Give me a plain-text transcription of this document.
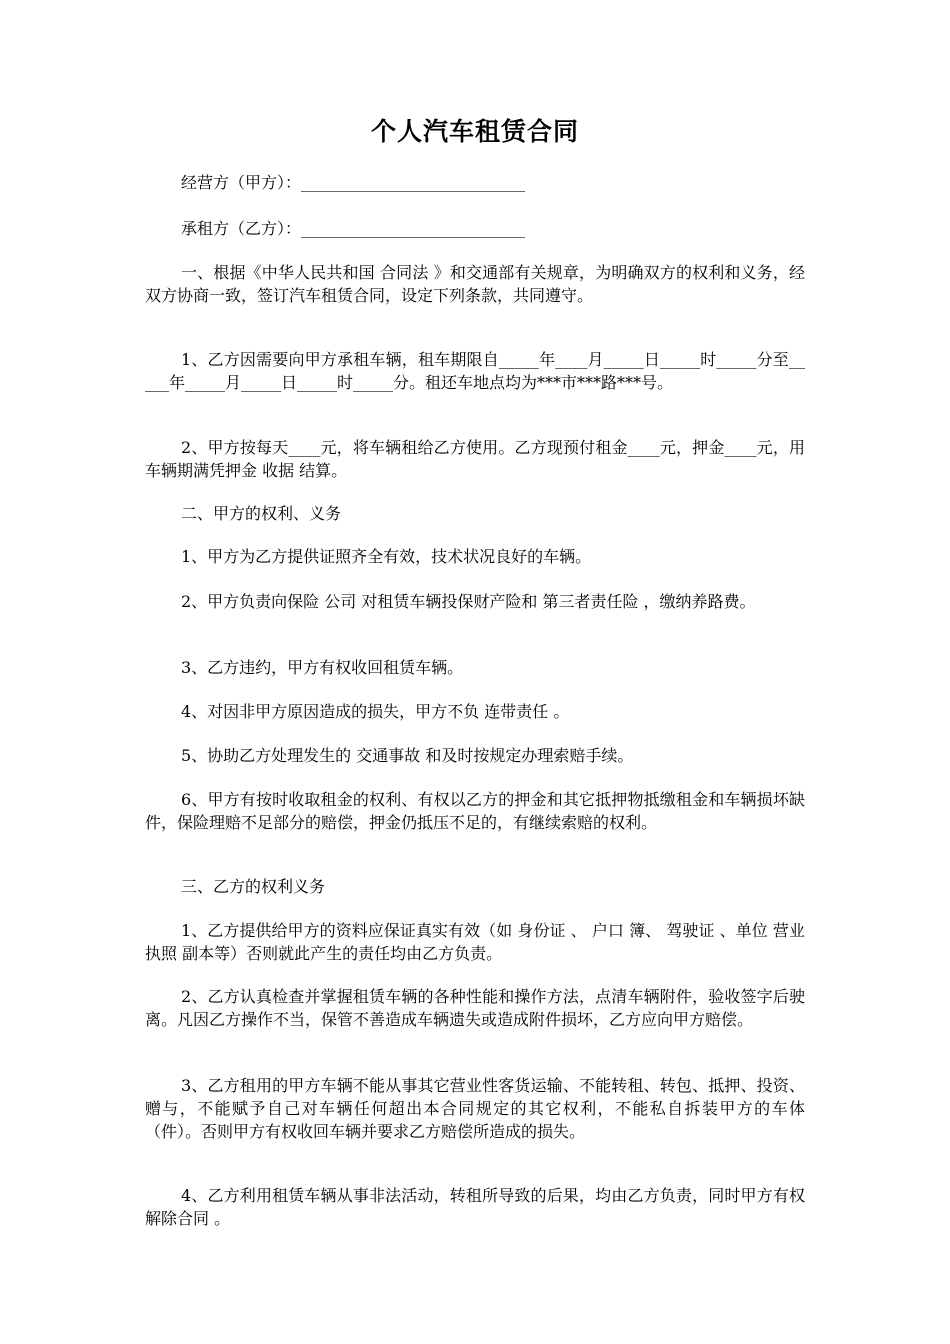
个人汽车租赁合同

经营方（甲方）：____________________________

承租方（乙方）：____________________________

一、根据《中华人民共和国 合同法 》和交通部有关规章，为明确双方的权利和义务，经双方协商一致，签订汽车租赁合同，设定下列条款，共同遵守。

1、乙方因需要向甲方承租车辆，租车期限自_____年____月_____日_____时_____分至_____年_____月_____日_____时_____分。租还车地点均为***市***路***号。

2、甲方按每天____元，将车辆租给乙方使用。乙方现预付租金____元，押金____元，用车辆期满凭押金 收据 结算。

二、甲方的权利、义务

1、甲方为乙方提供证照齐全有效，技术状况良好的车辆。

2、甲方负责向保险 公司 对租赁车辆投保财产险和 第三者责任险 ，缴纳养路费。

3、乙方违约，甲方有权收回租赁车辆。

4、对因非甲方原因造成的损失，甲方不负 连带责任 。

5、协助乙方处理发生的 交通事故 和及时按规定办理索赔手续。

6、甲方有按时收取租金的权利、有权以乙方的押金和其它抵押物抵缴租金和车辆损坏缺件，保险理赔不足部分的赔偿，押金仍抵压不足的，有继续索赔的权利。

三、乙方的权利义务

1、乙方提供给甲方的资料应保证真实有效（如 身份证 、 户口 簿、 驾驶证 、单位 营业执照 副本等）否则就此产生的责任均由乙方负责。

2、乙方认真检查并掌握租赁车辆的各种性能和操作方法，点清车辆附件，验收签字后驶离。凡因乙方操作不当，保管不善造成车辆遗失或造成附件损坏，乙方应向甲方赔偿。

3、乙方租用的甲方车辆不能从事其它营业性客货运输、不能转租、转包、抵押、投资、赠与，不能赋予自己对车辆任何超出本合同规定的其它权利，不能私自拆装甲方的车体（件）。否则甲方有权收回车辆并要求乙方赔偿所造成的损失。

4、乙方利用租赁车辆从事非法活动，转租所导致的后果，均由乙方负责，同时甲方有权 解除合同 。
